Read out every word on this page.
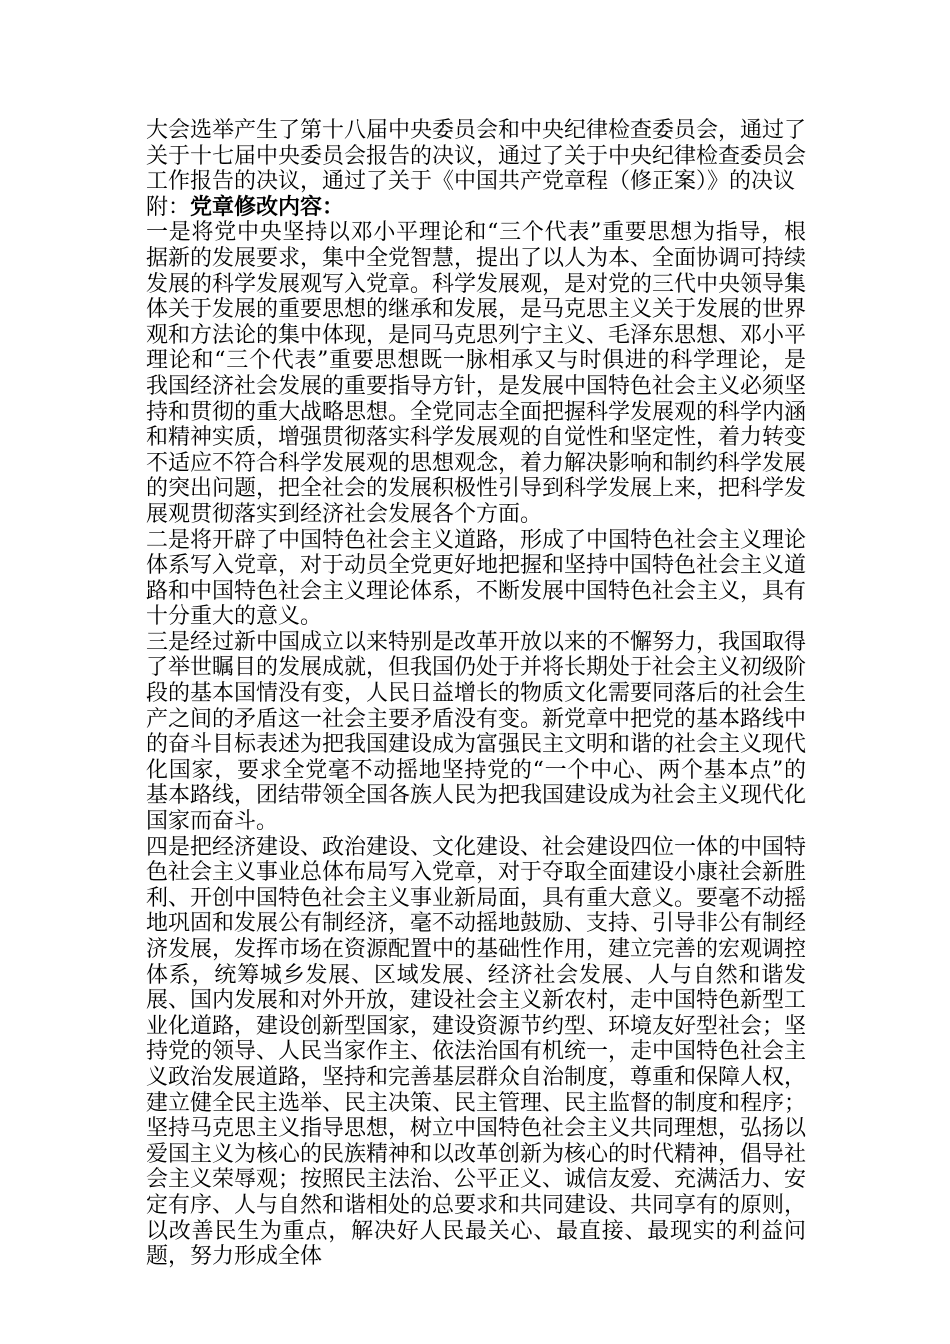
大会选举产生了第十八届中央委员会和中央纪律检查委员会，通过了关于十七届中央委员会报告的决议，通过了关于中央纪律检查委员会工作报告的决议，通过了关于《中国共产党章程（修正案）》的决议

附：党章修改内容：

一是将党中央坚持以邓小平理论和“三个代表”重要思想为指导，根据新的发展要求，集中全党智慧，提出了以人为本、全面协调可持续发展的科学发展观写入党章。科学发展观，是对党的三代中央领导集体关于发展的重要思想的继承和发展，是马克思主义关于发展的世界观和方法论的集中体现，是同马克思列宁主义、毛泽东思想、邓小平理论和“三个代表”重要思想既一脉相承又与时俱进的科学理论，是我国经济社会发展的重要指导方针，是发展中国特色社会主义必须坚持和贯彻的重大战略思想。全党同志全面把握科学发展观的科学内涵和精神实质，增强贯彻落实科学发展观的自觉性和坚定性，着力转变不适应不符合科学发展观的思想观念，着力解决影响和制约科学发展的突出问题，把全社会的发展积极性引导到科学发展上来，把科学发展观贯彻落实到经济社会发展各个方面。

二是将开辟了中国特色社会主义道路，形成了中国特色社会主义理论体系写入党章，对于动员全党更好地把握和坚持中国特色社会主义道路和中国特色社会主义理论体系，不断发展中国特色社会主义，具有十分重大的意义。

三是经过新中国成立以来特别是改革开放以来的不懈努力，我国取得了举世瞩目的发展成就，但我国仍处于并将长期处于社会主义初级阶段的基本国情没有变，人民日益增长的物质文化需要同落后的社会生产之间的矛盾这一社会主要矛盾没有变。新党章中把党的基本路线中的奋斗目标表述为把我国建设成为富强民主文明和谐的社会主义现代化国家，要求全党毫不动摇地坚持党的“一个中心、两个基本点”的基本路线，团结带领全国各族人民为把我国建设成为社会主义现代化国家而奋斗。

四是把经济建设、政治建设、文化建设、社会建设四位一体的中国特色社会主义事业总体布局写入党章，对于夺取全面建设小康社会新胜利、开创中国特色社会主义事业新局面，具有重大意义。要毫不动摇地巩固和发展公有制经济，毫不动摇地鼓励、支持、引导非公有制经济发展，发挥市场在资源配置中的基础性作用，建立完善的宏观调控体系，统筹城乡发展、区域发展、经济社会发展、人与自然和谐发展、国内发展和对外开放，建设社会主义新农村，走中国特色新型工业化道路，建设创新型国家，建设资源节约型、环境友好型社会；坚持党的领导、人民当家作主、依法治国有机统一，走中国特色社会主义政治发展道路，坚持和完善基层群众自治制度，尊重和保障人权，建立健全民主选举、民主决策、民主管理、民主监督的制度和程序；坚持马克思主义指导思想，树立中国特色社会主义共同理想，弘扬以爱国主义为核心的民族精神和以改革创新为核心的时代精神，倡导社会主义荣辱观；按照民主法治、公平正义、诚信友爱、充满活力、安定有序、人与自然和谐相处的总要求和共同建设、共同享有的原则，以改善民生为重点，解决好人民最关心、最直接、最现实的利益问题，努力形成全体
